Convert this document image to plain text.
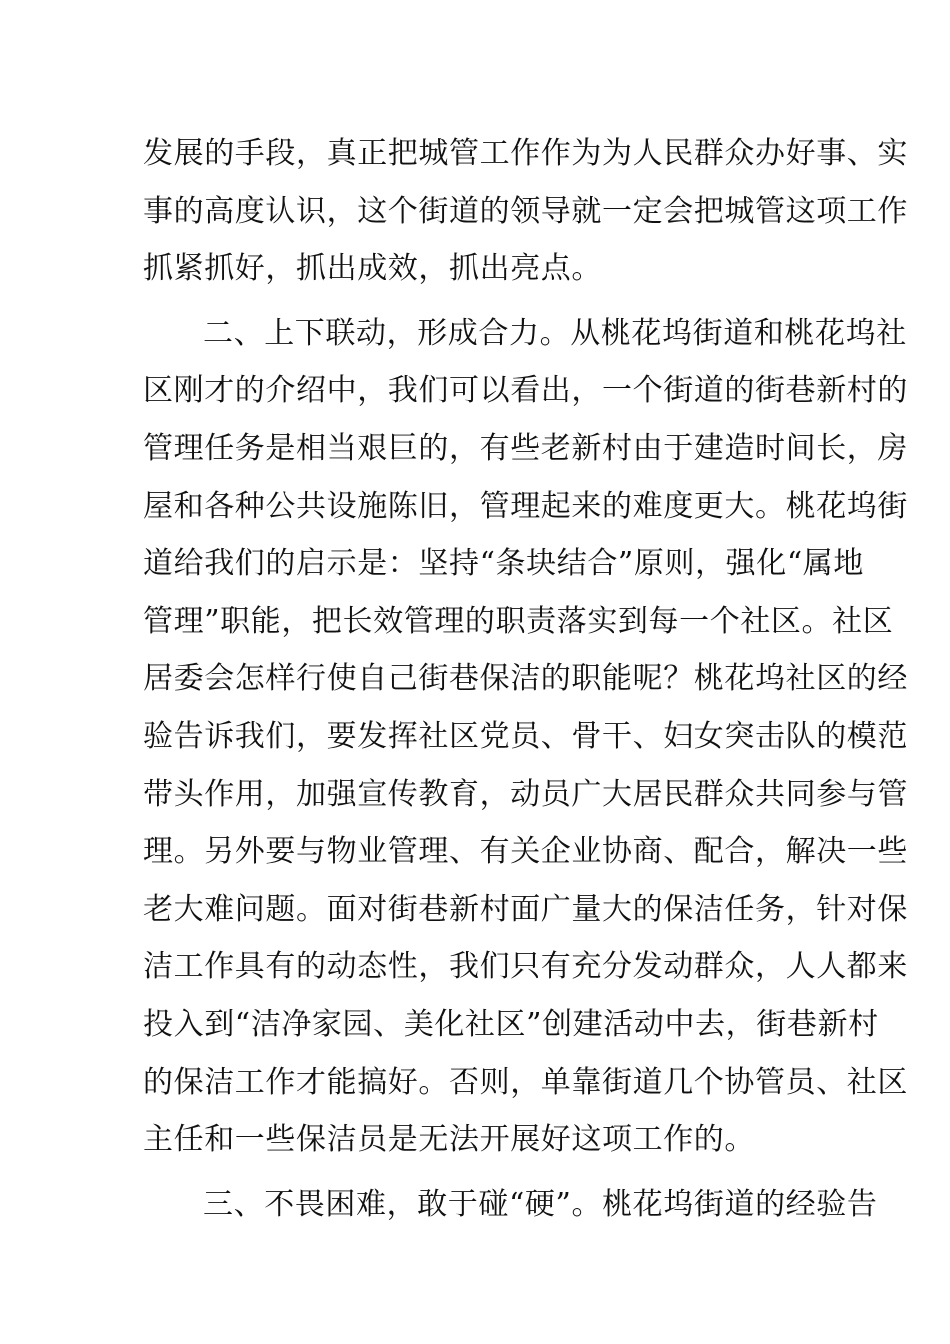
发展的手段，真正把城管工作作为为人民群众办好事、实
事的高度认识，这个街道的领导就一定会把城管这项工作
抓紧抓好，抓出成效，抓出亮点。
二、上下联动，形成合力。从桃花坞街道和桃花坞社
区刚才的介绍中，我们可以看出，一个街道的街巷新村的
管理任务是相当艰巨的，有些老新村由于建造时间长，房
屋和各种公共设施陈旧，管理起来的难度更大。桃花坞街
道给我们的启示是：坚持“条块结合”原则，强化“属地
管理”职能，把长效管理的职责落实到每一个社区。社区
居委会怎样行使自己街巷保洁的职能呢？桃花坞社区的经
验告诉我们，要发挥社区党员、骨干、妇女突击队的模范
带头作用，加强宣传教育，动员广大居民群众共同参与管
理。另外要与物业管理、有关企业协商、配合，解决一些
老大难问题。面对街巷新村面广量大的保洁任务，针对保
洁工作具有的动态性，我们只有充分发动群众，人人都来
投入到“洁净家园、美化社区”创建活动中去，街巷新村
的保洁工作才能搞好。否则，单靠街道几个协管员、社区
主任和一些保洁员是无法开展好这项工作的。
三、不畏困难，敢于碰“硬”。桃花坞街道的经验告
